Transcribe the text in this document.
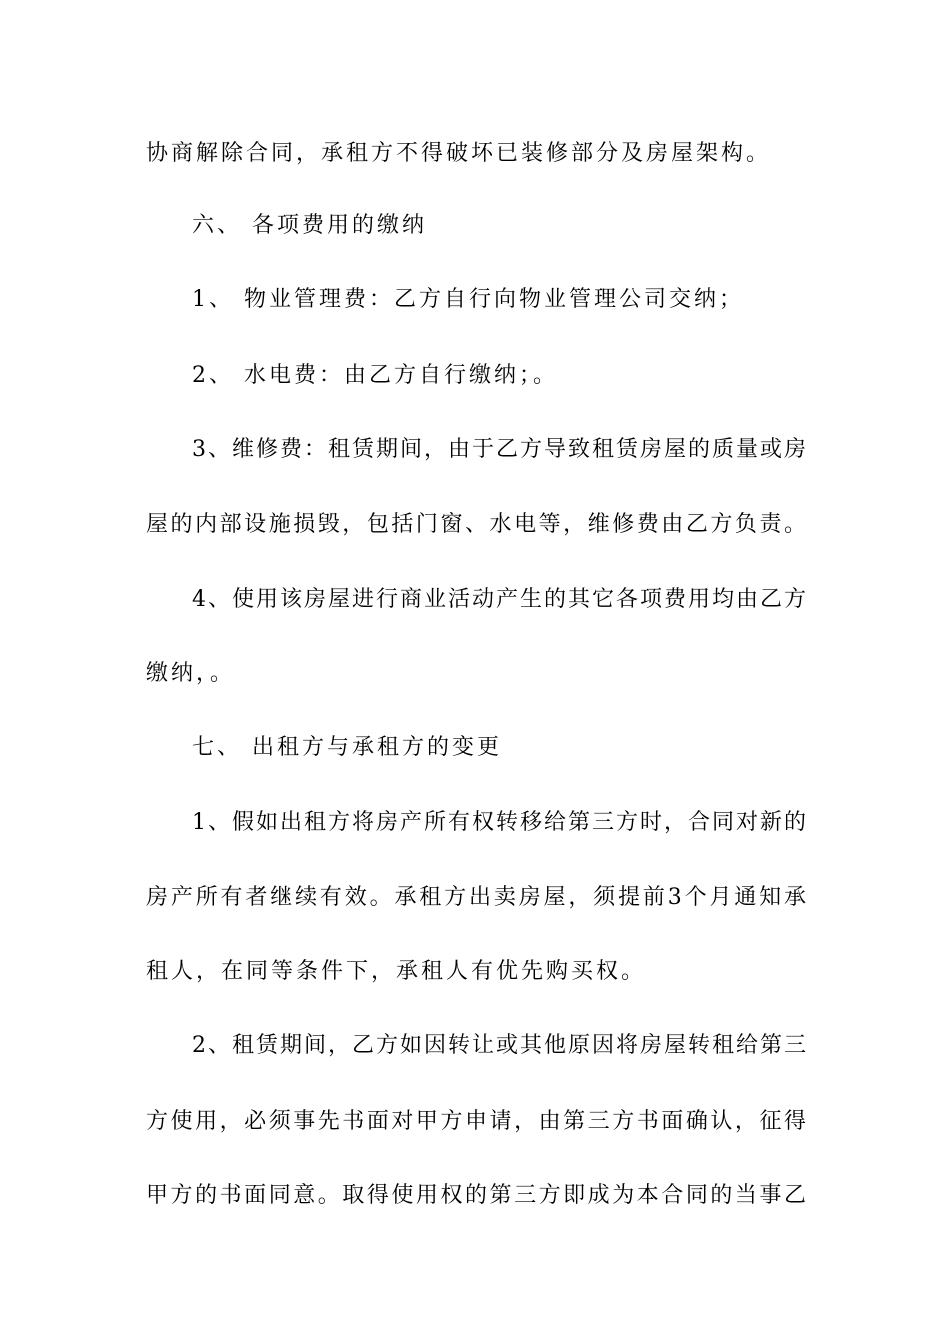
协商解除合同，承租方不得破坏已装修部分及房屋架构。

六、 各项费用的缴纳

1、 物业管理费：乙方自行向物业管理公司交纳；

2、 水电费：由乙方自行缴纳；。

3、维修费：租赁期间，由于乙方导致租赁房屋的质量或房

屋的内部设施损毁，包括门窗、水电等，维修费由乙方负责。

4、使用该房屋进行商业活动产生的其它各项费用均由乙方

缴纳，。

七、 出租方与承租方的变更

1、假如出租方将房产所有权转移给第三方时，合同对新的

房产所有者继续有效。承租方出卖房屋，须提前3个月通知承

租人，在同等条件下，承租人有优先购买权。

2、租赁期间，乙方如因转让或其他原因将房屋转租给第三

方使用，必须事先书面对甲方申请，由第三方书面确认，征得

甲方的书面同意。取得使用权的第三方即成为本合同的当事乙
